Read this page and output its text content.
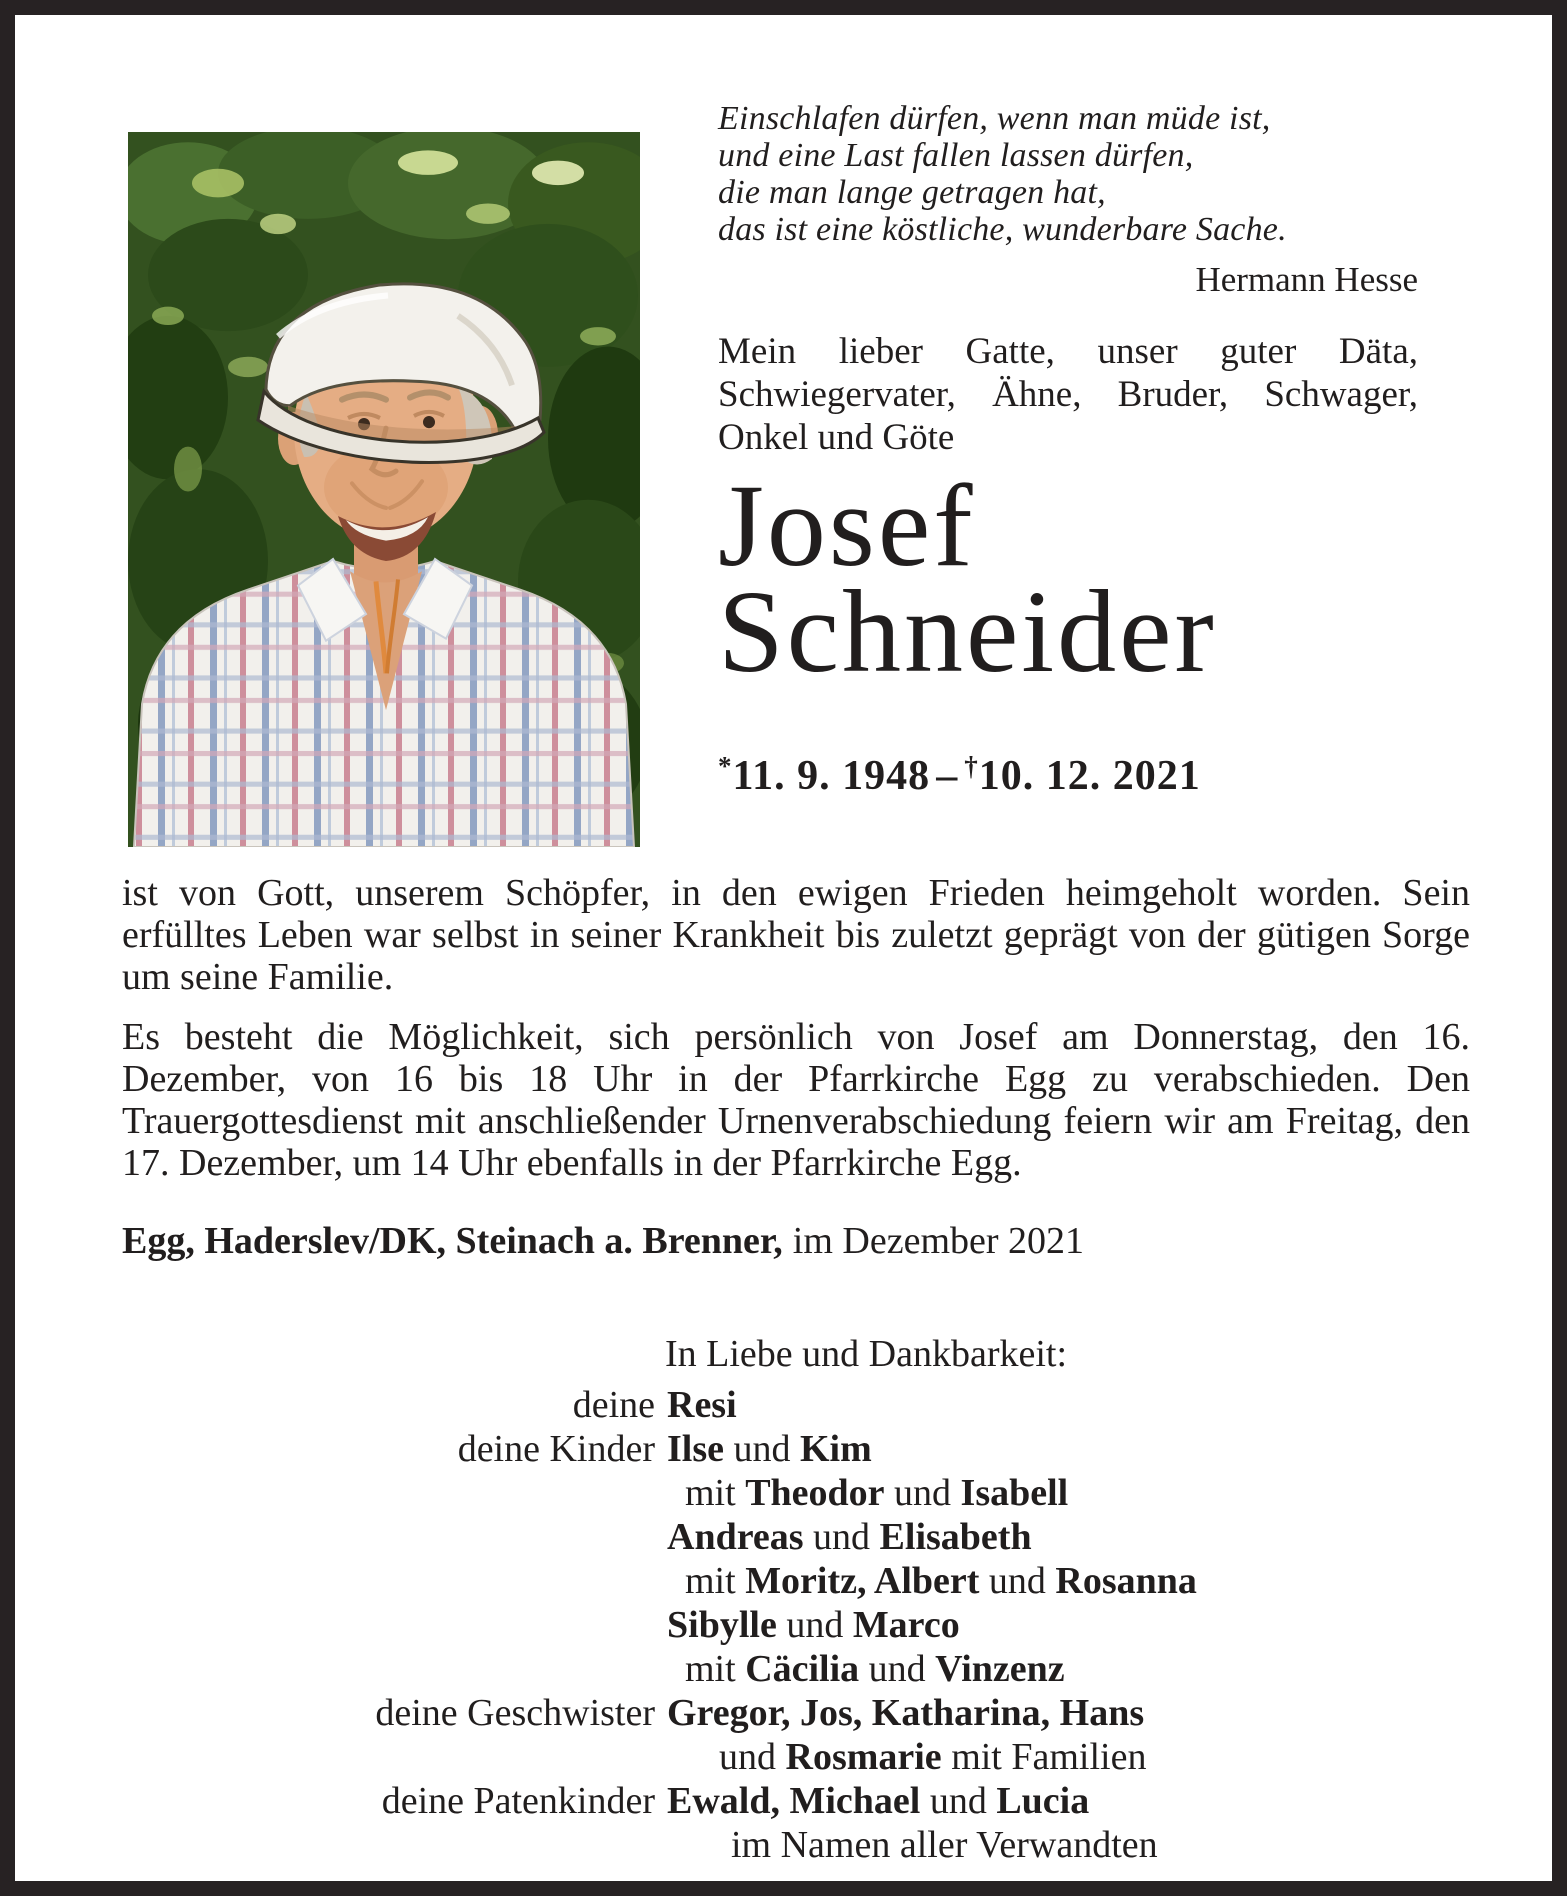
Einschlafen dürfen, wenn man müde ist,
und eine Last fallen lassen dürfen,
die man lange getragen hat,
das ist eine köstliche, wunderbare Sache.
Hermann Hesse

Mein lieber Gatte, unser guter Däta, Schwiegervater, Ähne, Bruder, Schwager, Onkel und Göte

Josef
Schneider
*11. 9. 1948 – †10. 12. 2021

ist von Gott, unserem Schöpfer, in den ewigen Frieden heimgeholt worden. Sein erfülltes Leben war selbst in seiner Krankheit bis zuletzt geprägt von der gütigen Sorge um seine Familie.

Es besteht die Möglichkeit, sich persönlich von Josef am Donnerstag, den 16. Dezember, von 16 bis 18 Uhr in der Pfarrkirche Egg zu verabschieden. Den Trauergottesdienst mit anschließender Urnenverabschiedung feiern wir am Freitag, den 17. Dezember, um 14 Uhr ebenfalls in der Pfarrkirche Egg.

Egg, Haderslev/DK, Steinach a. Brenner, im Dezember 2021

In Liebe und Dankbarkeit:
deine Resi
deine Kinder Ilse und Kim
mit Theodor und Isabell
Andreas und Elisabeth
mit Moritz, Albert und Rosanna
Sibylle und Marco
mit Cäcilia und Vinzenz
deine Geschwister Gregor, Jos, Katharina, Hans
und Rosmarie mit Familien
deine Patenkinder Ewald, Michael und Lucia
im Namen aller Verwandten
